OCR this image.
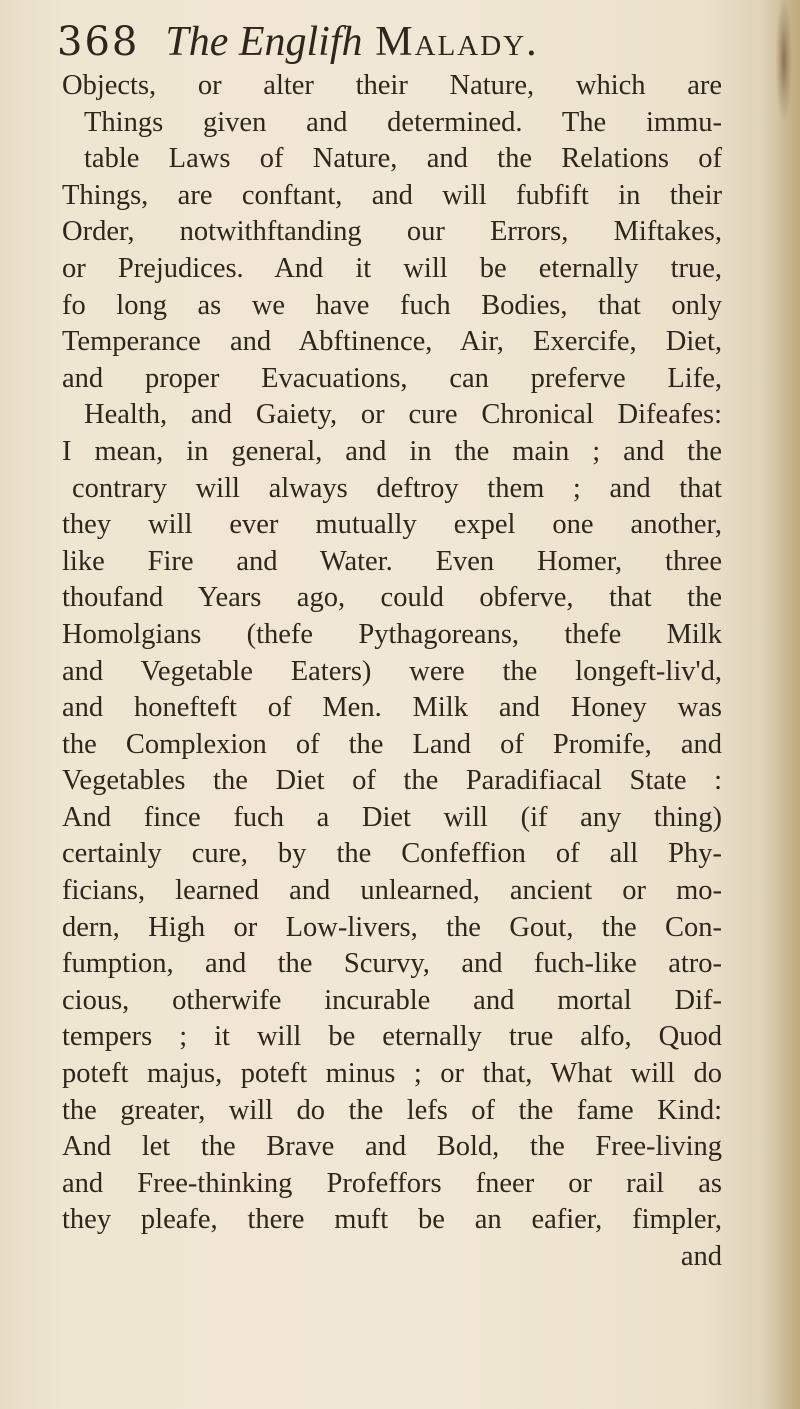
368 The Englifh Malady.
Objects, or alter their Nature, which are
Things given and determined. The immu-
table Laws of Nature, and the Relations of
Things, are conftant, and will fubfift in their
Order, notwithftanding our Errors, Miftakes,
or Prejudices. And it will be eternally true,
fo long as we have fuch Bodies, that only
Temperance and Abftinence, Air, Exercife, Diet,
and proper Evacuations, can preferve Life,
Health, and Gaiety, or cure Chronical Difeafes:
I mean, in general, and in the main ; and the
contrary will always deftroy them ; and that
they will ever mutually expel one another,
like Fire and Water. Even Homer, three
thoufand Years ago, could obferve, that the
Homolgians (thefe Pythagoreans, thefe Milk
and Vegetable Eaters) were the longeft-liv'd,
and honefteft of Men. Milk and Honey was
the Complexion of the Land of Promife, and
Vegetables the Diet of the Paradifiacal State :
And fince fuch a Diet will (if any thing)
certainly cure, by the Confeffion of all Phy-
ficians, learned and unlearned, ancient or mo-
dern, High or Low-livers, the Gout, the Con-
fumption, and the Scurvy, and fuch-like atro-
cious, otherwife incurable and mortal Dif-
tempers ; it will be eternally true alfo, Quod
poteft majus, poteft minus ; or that, What will do
the greater, will do the lefs of the fame Kind:
And let the Brave and Bold, the Free-living
and Free-thinking Profeffors fneer or rail as
they pleafe, there muft be an eafier, fimpler,
and
